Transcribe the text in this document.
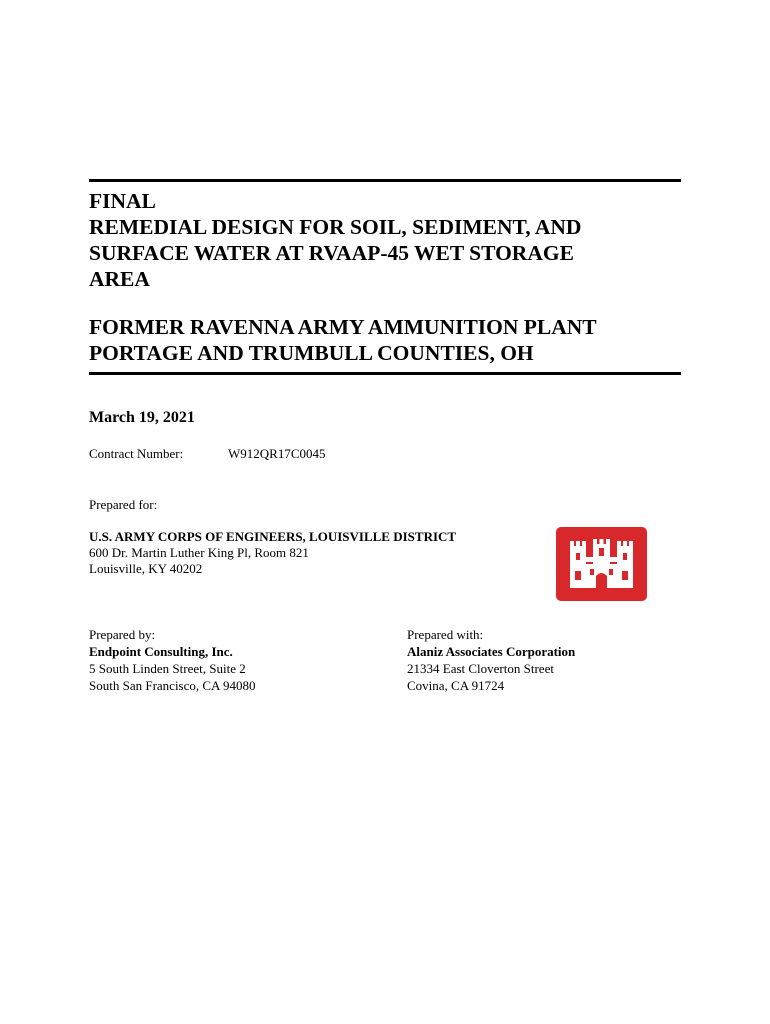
FINAL
REMEDIAL DESIGN FOR SOIL, SEDIMENT, AND
SURFACE WATER AT RVAAP-45 WET STORAGE
AREA
FORMER RAVENNA ARMY AMMUNITION PLANT
PORTAGE AND TRUMBULL COUNTIES, OH
March 19, 2021
Contract Number:	W912QR17C0045
Prepared for:
U.S. ARMY CORPS OF ENGINEERS, LOUISVILLE DISTRICT
600 Dr. Martin Luther King Pl, Room 821
Louisville, KY 40202
Prepared by:
Endpoint Consulting, Inc.
5 South Linden Street, Suite 2
South San Francisco, CA 94080
Prepared with:
Alaniz Associates Corporation
21334 East Cloverton Street
Covina, CA 91724
